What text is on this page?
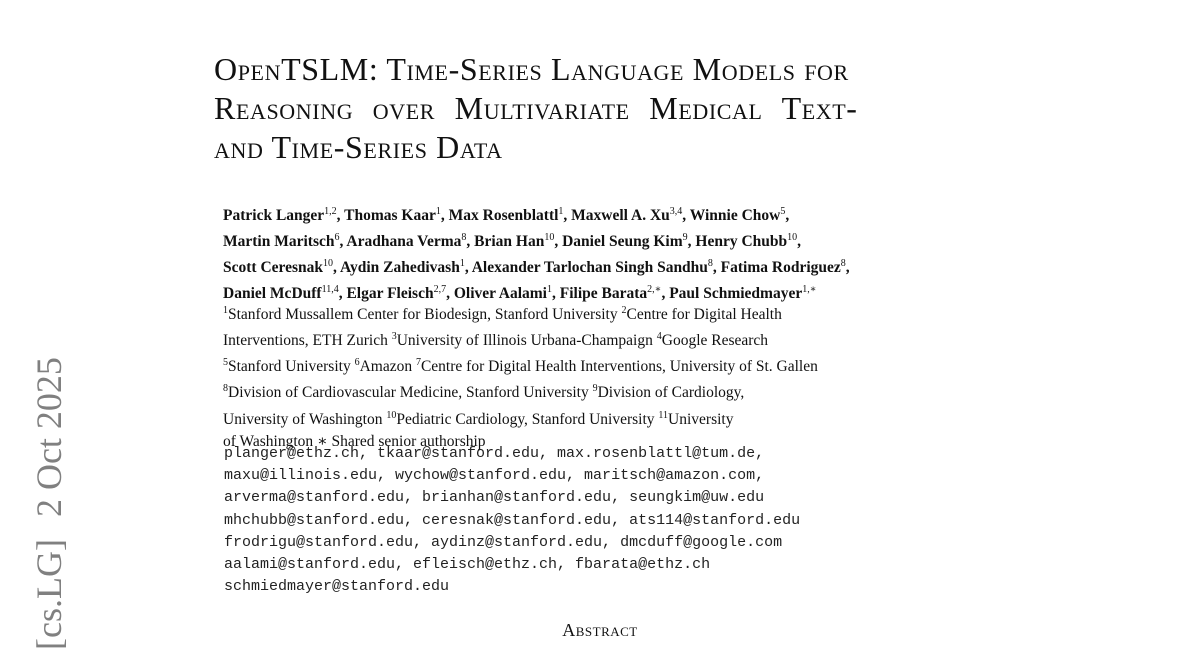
[cs.LG]2 Oct 2025
OpenTSLM: Time-Series Language Models for
Reasoning over Multivariate Medical Text-
and Time-Series Data
Patrick Langer$^{1,2}$, Thomas Kaar$^1$, Max Rosenblattl$^1$, Maxwell A. Xu$^{3,4}$, Winnie Chow$^5$,
Martin Maritsch$^6$, Aradhana Verma$^8$, Brian Han$^{10}$, Daniel Seung Kim$^9$, Henry Chubb$^{10}$,
Scott Ceresnak$^{10}$, Aydin Zahedivash$^1$, Alexander Tarlochan Singh Sandhu$^8$, Fatima Rodriguez$^8$,
Daniel McDuff$^{11,4}$, Elgar Fleisch$^{2,7}$, Oliver Aalami$^1$, Filipe Barata$^{2,∗}$, Paul Schmiedmayer$^{1,∗}$
$^1$Stanford Mussallem Center for Biodesign, Stanford University $^2$Centre for Digital Health
Interventions, ETH Zurich $^3$University of Illinois Urbana-Champaign $^4$Google Research
$^5$Stanford University $^6$Amazon $^7$Centre for Digital Health Interventions, University of St. Gallen
$^8$Division of Cardiovascular Medicine, Stanford University $^9$Division of Cardiology,
University of Washington $^{10}$Pediatric Cardiology, Stanford University $^{11}$University
of Washington ∗ Shared senior authorship
planger@ethz.ch, tkaar@stanford.edu, max.rosenblattl@tum.de,
maxu@illinois.edu, wychow@stanford.edu, maritsch@amazon.com,
arverma@stanford.edu, brianhan@stanford.edu, seungkim@uw.edu
mhchubb@stanford.edu, ceresnak@stanford.edu, ats114@stanford.edu
frodrigu@stanford.edu, aydinz@stanford.edu, dmcduff@google.com
aalami@stanford.edu, efleisch@ethz.ch, fbarata@ethz.ch
schmiedmayer@stanford.edu
Abstract
